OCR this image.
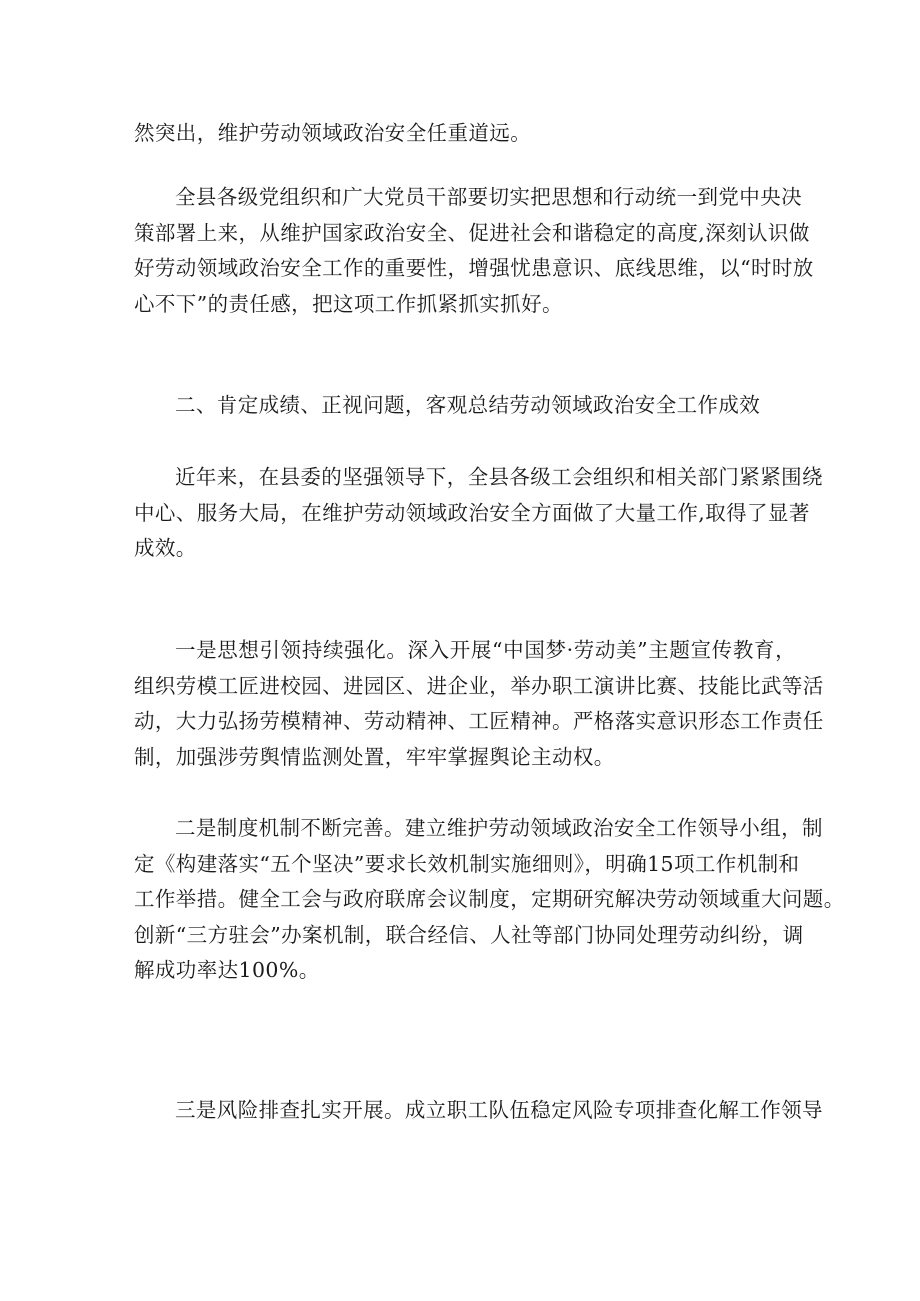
然突出，维护劳动领域政治安全任重道远。
全县各级党组织和广大党员干部要切实把思想和行动统一到党中央决
策部署上来，从维护国家政治安全、促进社会和谐稳定的高度,深刻认识做
好劳动领域政治安全工作的重要性，增强忧患意识、底线思维，以“时时放
心不下”的责任感，把这项工作抓紧抓实抓好。
二、肯定成绩、正视问题，客观总结劳动领域政治安全工作成效
近年来，在县委的坚强领导下，全县各级工会组织和相关部门紧紧围绕
中心、服务大局，在维护劳动领域政治安全方面做了大量工作,取得了显著
成效。
一是思想引领持续强化。深入开展“中国梦·劳动美”主题宣传教育，
组织劳模工匠进校园、进园区、进企业，举办职工演讲比赛、技能比武等活
动，大力弘扬劳模精神、劳动精神、工匠精神。严格落实意识形态工作责任
制，加强涉劳舆情监测处置，牢牢掌握舆论主动权。
二是制度机制不断完善。建立维护劳动领域政治安全工作领导小组，制
定《构建落实“五个坚决”要求长效机制实施细则》，明确15项工作机制和
工作举措。健全工会与政府联席会议制度，定期研究解决劳动领域重大问题。
创新“三方驻会”办案机制，联合经信、人社等部门协同处理劳动纠纷，调
解成功率达100%。
三是风险排查扎实开展。成立职工队伍稳定风险专项排查化解工作领导
